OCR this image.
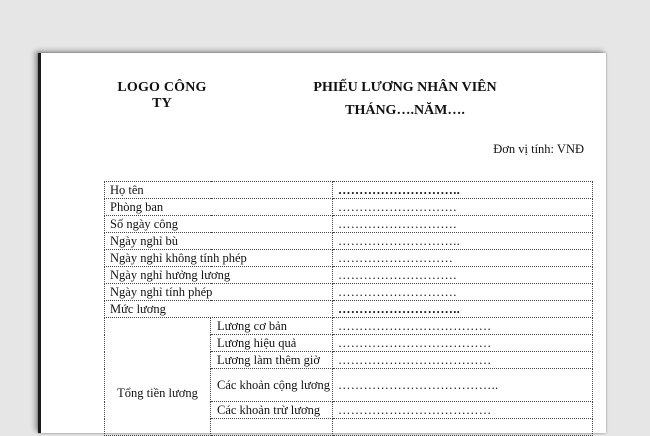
LOGO CÔNG
TY
PHIẾU LƯƠNG NHÂN VIÊN
THÁNG….NĂM….
Đơn vị tính: VNĐ
Họ tên		………………………..
Phòng ban		……………………….
Số ngày công		……………………….
Ngày nghỉ bù		………………………..
Ngày nghỉ không tính phép		………………………
Ngày nghỉ hưởng lương		……………………….
Ngày nghỉ tính phép		……………………….
Mức lương		………………………..
Tổng tiền lương	Lương cơ bản	………………………………
	Lương hiệu quả	………………………………
	Lương làm thêm giờ	………………………………
	Các khoản cộng lương	………………………………..
	Các khoản trừ lương	………………………………
